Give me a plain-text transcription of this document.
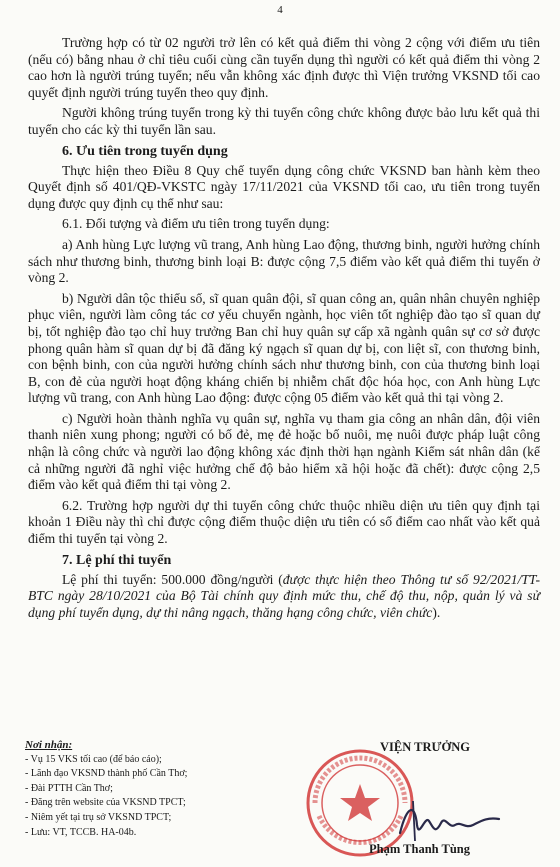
4

Trường hợp có từ 02 người trở lên có kết quả điểm thi vòng 2 cộng với điểm ưu tiên (nếu có) bằng nhau ở chỉ tiêu cuối cùng cần tuyển dụng thì người có kết quả điểm thi vòng 2 cao hơn là người trúng tuyển; nếu vẫn không xác định được thì Viện trưởng VKSND tối cao quyết định người trúng tuyển theo quy định.

Người không trúng tuyển trong kỳ thi tuyển công chức không được bảo lưu kết quả thi tuyển cho các kỳ thi tuyển lần sau.

6. Ưu tiên trong tuyển dụng

Thực hiện theo Điều 8 Quy chế tuyển dụng công chức VKSND ban hành kèm theo Quyết định số 401/QĐ-VKSTC ngày 17/11/2021 của VKSND tối cao, ưu tiên trong tuyển dụng được quy định cụ thể như sau:

6.1. Đối tượng và điểm ưu tiên trong tuyển dụng:

a) Anh hùng Lực lượng vũ trang, Anh hùng Lao động, thương binh, người hưởng chính sách như thương binh, thương binh loại B: được cộng 7,5 điểm vào kết quả điểm thi tuyển ở vòng 2.

b) Người dân tộc thiểu số, sĩ quan quân đội, sĩ quan công an, quân nhân chuyên nghiệp phục viên, người làm công tác cơ yếu chuyển ngành, học viên tốt nghiệp đào tạo sĩ quan dự bị, tốt nghiệp đào tạo chỉ huy trưởng Ban chỉ huy quân sự cấp xã ngành quân sự cơ sở được phong quân hàm sĩ quan dự bị đã đăng ký ngạch sĩ quan dự bị, con liệt sĩ, con thương binh, con bệnh binh, con của người hưởng chính sách như thương binh, con của thương binh loại B, con đẻ của người hoạt động kháng chiến bị nhiễm chất độc hóa học, con Anh hùng Lực lượng vũ trang, con Anh hùng Lao động: được cộng 05 điểm vào kết quả thi tại vòng 2.

c) Người hoàn thành nghĩa vụ quân sự, nghĩa vụ tham gia công an nhân dân, đội viên thanh niên xung phong; người có bố đẻ, mẹ đẻ hoặc bố nuôi, mẹ nuôi được pháp luật công nhận là công chức và người lao động không xác định thời hạn ngành Kiểm sát nhân dân (kể cả những người đã nghỉ việc hưởng chế độ bảo hiểm xã hội hoặc đã chết): được cộng 2,5 điểm vào kết quả điểm thi tại vòng 2.

6.2. Trường hợp người dự thi tuyển công chức thuộc nhiều diện ưu tiên quy định tại khoản 1 Điều này thì chỉ được cộng điểm thuộc diện ưu tiên có số điểm cao nhất vào kết quả điểm thi tuyển tại vòng 2.

7. Lệ phí thi tuyển

Lệ phí thi tuyển: 500.000 đồng/người (được thực hiện theo Thông tư số 92/2021/TT-BTC ngày 28/10/2021 của Bộ Tài chính quy định mức thu, chế độ thu, nộp, quản lý và sử dụng phí tuyển dụng, dự thi nâng ngạch, thăng hạng công chức, viên chức).

Nơi nhận:
- Vụ 15 VKS tối cao (để báo cáo);
- Lãnh đạo VKSND thành phố Cần Thơ;
- Đài PTTH Cần Thơ;
- Đăng trên website của VKSND TPCT;
- Niêm yết tại trụ sở VKSND TPCT;
- Lưu: VT, TCCB. HA-04b.
VIỆN TRƯỞNG
Phạm Thanh Tùng
